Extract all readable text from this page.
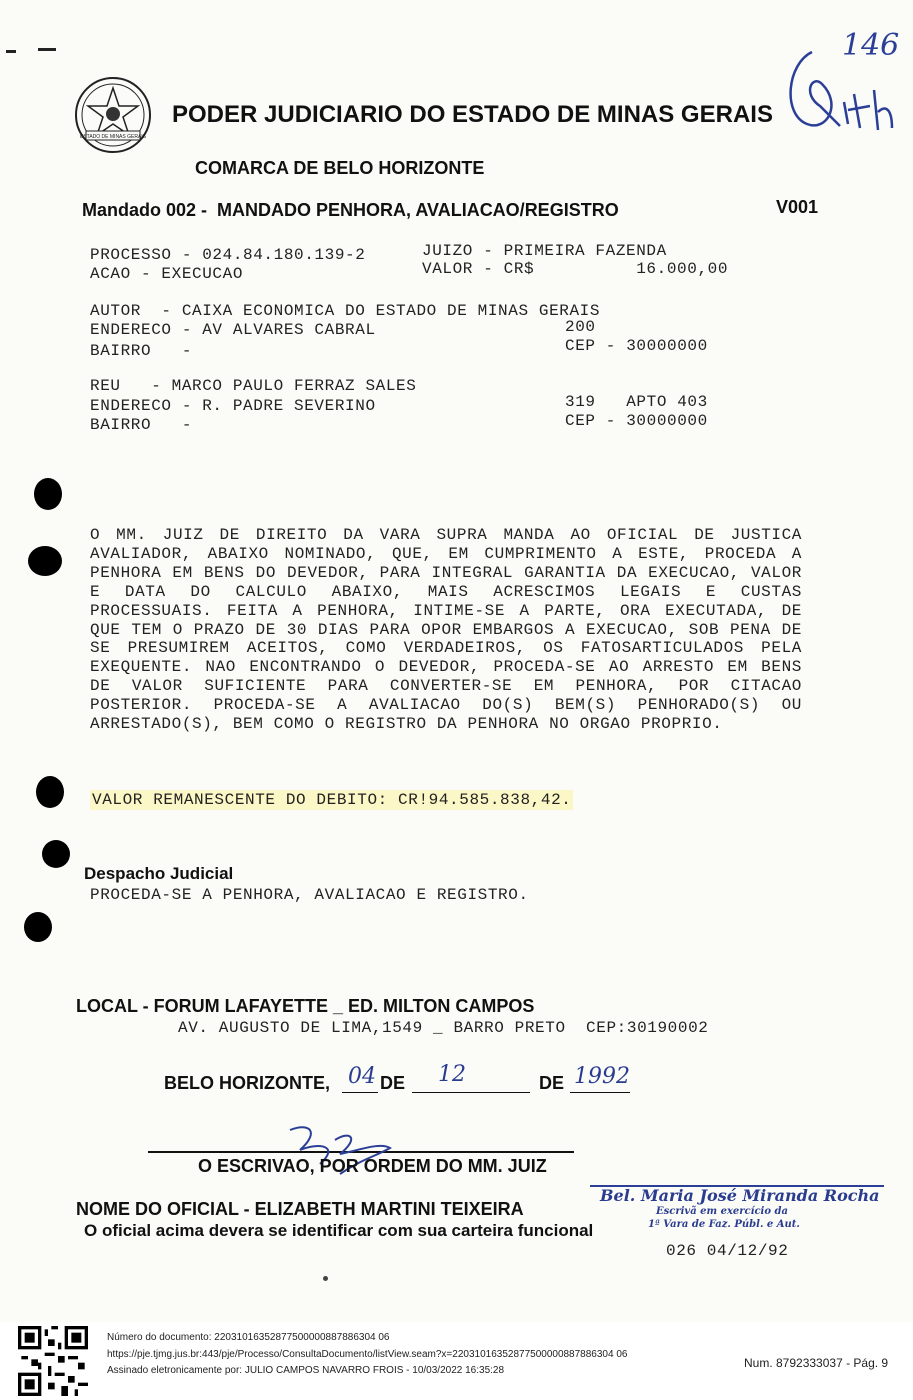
ESTADO DE MINAS GERAIS
PODER JUDICIARIO DO ESTADO DE MINAS GERAIS
146
COMARCA DE BELO HORIZONTE
Mandado 002 -  MANDADO PENHORA, AVALIACAO/REGISTRO	V001
PROCESSO - 024.84.180.139-2	JUIZO - PRIMEIRA FAZENDA
ACAO - EXECUCAO	VALOR - CR$          16.000,00
AUTOR  - CAIXA ECONOMICA DO ESTADO DE MINAS GERAIS
ENDERECO - AV ALVARES CABRAL	200
BAIRRO   -	CEP - 30000000
REU   - MARCO PAULO FERRAZ SALES
ENDERECO - R. PADRE SEVERINO	319   APTO 403
BAIRRO   -	CEP - 30000000
O MM. JUIZ DE DIREITO DA VARA SUPRA MANDA AO OFICIAL DE JUSTICA AVALIADOR, ABAIXO NOMINADO, QUE, EM CUMPRIMENTO A ESTE, PROCEDA A PENHORA EM BENS DO DEVEDOR, PARA INTEGRAL GARANTIA DA EXECUCAO, VALOR E DATA DO CALCULO ABAIXO, MAIS ACRESCIMOS LEGAIS E CUSTAS PROCESSUAIS. FEITA A PENHORA, INTIME-SE A PARTE, ORA EXECUTADA, DE QUE TEM O PRAZO DE 30 DIAS PARA OPOR EMBARGOS A EXECUCAO, SOB PENA DE SE PRESUMIREM ACEITOS, COMO VERDADEIROS, OS FATOSARTICULADOS PELA EXEQUENTE. NAO ENCONTRANDO O DEVEDOR, PROCEDA-SE AO ARRESTO EM BENS DE VALOR SUFICIENTE PARA CONVERTER-SE EM PENHORA, POR CITACAO POSTERIOR. PROCEDA-SE A AVALIACAO DO(S) BEM(S) PENHORADO(S) OU ARRESTADO(S), BEM COMO O REGISTRO DA PENHORA NO ORGAO PROPRIO.
VALOR REMANESCENTE DO DEBITO: CR!94.585.838,42.
Despacho Judicial
PROCEDA-SE A PENHORA, AVALIACAO E REGISTRO.
LOCAL - FORUM LAFAYETTE _ ED. MILTON CAMPOS
AV. AUGUSTO DE LIMA,1549 _ BARRO PRETO  CEP:30190002
BELO HORIZONTE, 04 DE 12	DE 1992
O ESCRIVAO, POR ORDEM DO MM. JUIZ
NOME DO OFICIAL - ELIZABETH MARTINI TEIXEIRA
O oficial acima devera se identificar com sua carteira funcional
Bel. Maria José Miranda Rocha
Escrivã em exercício da
1ª Vara de Faz. Públ. e Aut.
026 04/12/92
Número do documento: 22031016352877500000887886304 06
https://pje.tjmg.jus.br:443/pje/Processo/ConsultaDocumento/listView.seam?x=22031016352877500000887886304 06
Assinado eletronicamente por: JULIO CAMPOS NAVARRO FROIS - 10/03/2022 16:35:28
Num. 8792333037 - Pág. 9
